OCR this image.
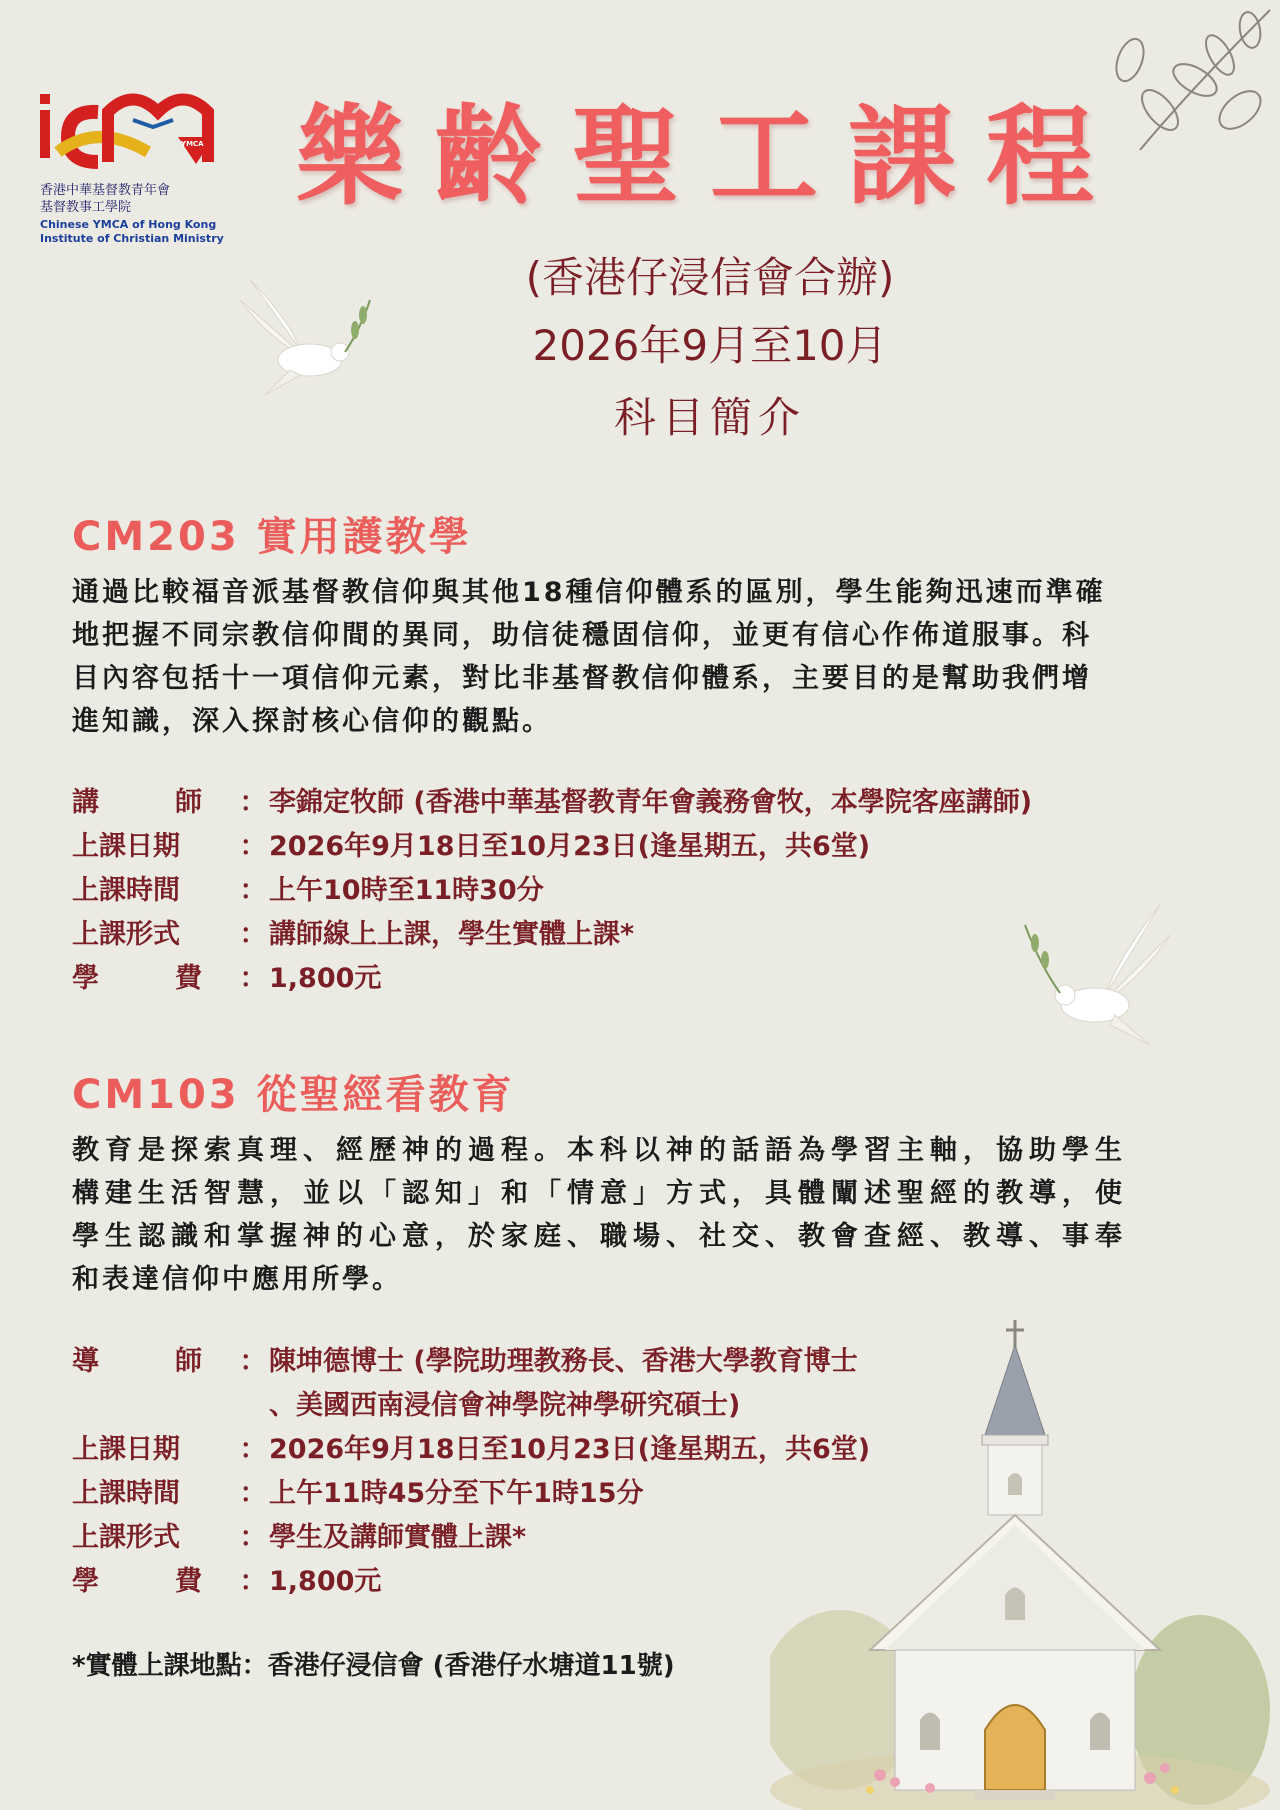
YMCA
香港中華基督教青年會
基督教事工學院
Chinese YMCA of Hong Kong
Institute of Christian Ministry
樂齡聖工課程
(香港仔浸信會合辦)
2026年9月至10月
科目簡介
CM203 實用護教學

通過比較福音派基督教信仰與其他18種信仰體系的區別，學生能夠迅速而準確

地把握不同宗教信仰間的異同，助信徒穩固信仰，並更有信心作佈道服事。科

目內容包括十一項信仰元素，對比非基督教信仰體系，主要目的是幫助我們增

進知識，深入探討核心信仰的觀點。

講	師 ： 李錦定牧師 (香港中華基督教青年會義務會牧，本學院客座講師)
上課日期	： 2026年9月18日至10月23日(逢星期五，共6堂)
上課時間	： 上午10時至11時30分
上課形式	： 講師線上上課，學生實體上課*
學	費 ： 1,800元
CM103 從聖經看教育

教育是探索真理、經歷神的過程。本科以神的話語為學習主軸，協助學生

構建生活智慧，並以「認知」和「情意」方式，具體闡述聖經的教導，使

學生認識和掌握神的心意，於家庭、職場、社交、教會查經、教導、事奉

和表達信仰中應用所學。

導	師 ： 陳坤德博士 (學院助理教務長、香港大學教育博士
、美國西南浸信會神學院神學研究碩士)
上課日期	： 2026年9月18日至10月23日(逢星期五，共6堂)
上課時間	： 上午11時45分至下午1時15分
上課形式	： 學生及講師實體上課*
學	費 ： 1,800元
*實體上課地點：香港仔浸信會 (香港仔水塘道11號)
